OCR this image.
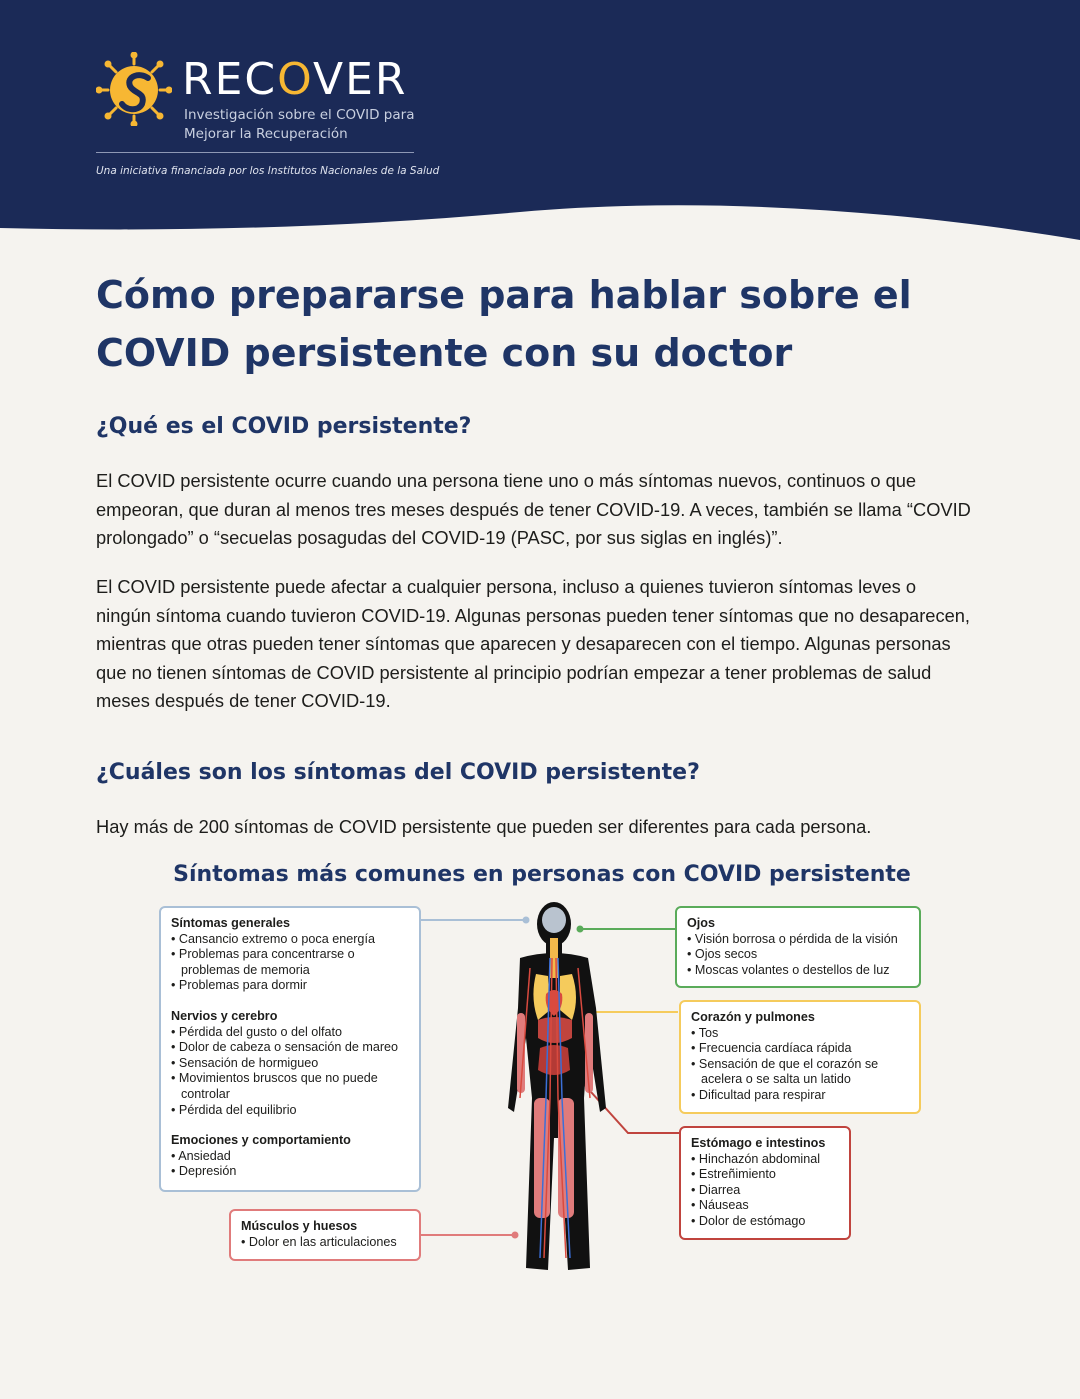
RECOVER
Investigación sobre el COVID para
Mejorar la Recuperación
Una iniciativa financiada por los Institutos Nacionales de la Salud
Cómo prepararse para hablar sobre el COVID persistente con su doctor
¿Qué es el COVID persistente?

El COVID persistente ocurre cuando una persona tiene uno o más síntomas nuevos, continuos o que empeoran, que duran al menos tres meses después de tener COVID-19. A veces, también se llama “COVID prolongado” o “secuelas posagudas del COVID-19 (PASC, por sus siglas en inglés)”.

El COVID persistente puede afectar a cualquier persona, incluso a quienes tuvieron síntomas leves o ningún síntoma cuando tuvieron COVID-19. Algunas personas pueden tener síntomas que no desaparecen, mientras que otras pueden tener síntomas que aparecen y desaparecen con el tiempo. Algunas personas que no tienen síntomas de COVID persistente al principio podrían empezar a tener problemas de salud meses después de tener COVID-19.

¿Cuáles son los síntomas del COVID persistente?

Hay más de 200 síntomas de COVID persistente que pueden ser diferentes para cada persona.

Síntomas más comunes en personas con COVID persistente
Síntomas generales
• Cansancio extremo o poca energía
• Problemas para concentrarse o problemas de memoria
• Problemas para dormir
Nervios y cerebro
• Pérdida del gusto o del olfato
• Dolor de cabeza o sensación de mareo
• Sensación de hormigueo
• Movimientos bruscos que no puede controlar
• Pérdida del equilibrio
Emociones y comportamiento
• Ansiedad
• Depresión
Músculos y huesos
• Dolor en las articulaciones
Ojos
• Visión borrosa o pérdida de la visión
• Ojos secos
• Moscas volantes o destellos de luz
Corazón y pulmones
• Tos
• Frecuencia cardíaca rápida
• Sensación de que el corazón se acelera o se salta un latido
• Dificultad para respirar
Estómago e intestinos
• Hinchazón abdominal
• Estreñimiento
• Diarrea
• Náuseas
• Dolor de estómago
